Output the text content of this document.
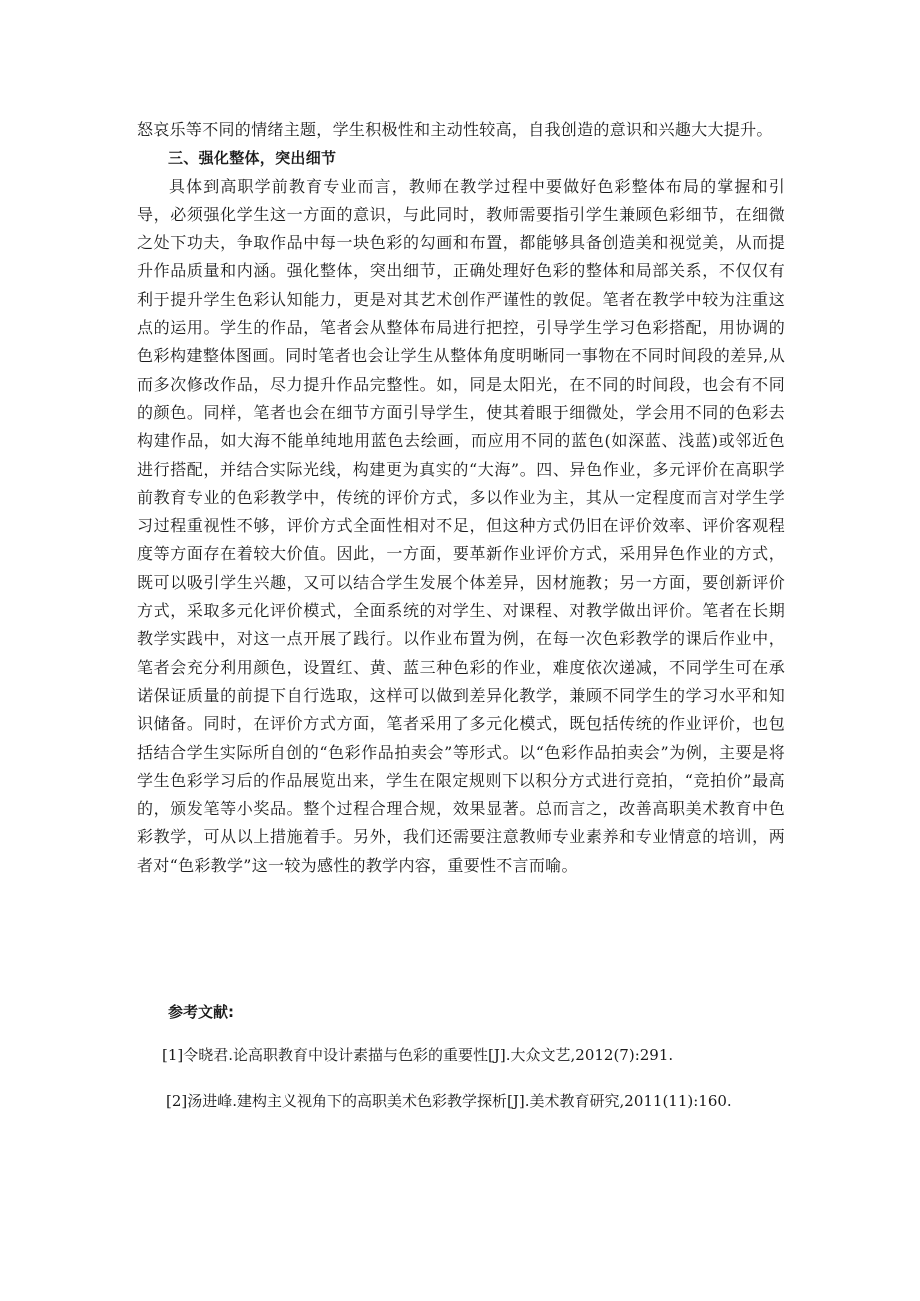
怒哀乐等不同的情绪主题，学生积极性和主动性较高，自我创造的意识和兴趣大大提升。

三、强化整体，突出细节

具体到高职学前教育专业而言，教师在教学过程中要做好色彩整体布局的掌握和引导，必须强化学生这一方面的意识，与此同时，教师需要指引学生兼顾色彩细节，在细微之处下功夫，争取作品中每一块色彩的勾画和布置，都能够具备创造美和视觉美，从而提升作品质量和内涵。强化整体，突出细节，正确处理好色彩的整体和局部关系，不仅仅有利于提升学生色彩认知能力，更是对其艺术创作严谨性的敦促。笔者在教学中较为注重这点的运用。学生的作品，笔者会从整体布局进行把控，引导学生学习色彩搭配，用协调的色彩构建整体图画。同时笔者也会让学生从整体角度明晰同一事物在不同时间段的差异,从而多次修改作品，尽力提升作品完整性。如，同是太阳光，在不同的时间段，也会有不同的颜色。同样，笔者也会在细节方面引导学生，使其着眼于细微处，学会用不同的色彩去构建作品，如大海不能单纯地用蓝色去绘画，而应用不同的蓝色(如深蓝、浅蓝)或邻近色进行搭配，并结合实际光线，构建更为真实的“大海”。四、异色作业，多元评价在高职学前教育专业的色彩教学中，传统的评价方式，多以作业为主，其从一定程度而言对学生学习过程重视性不够，评价方式全面性相对不足，但这种方式仍旧在评价效率、评价客观程度等方面存在着较大价值。因此，一方面，要革新作业评价方式，采用异色作业的方式，既可以吸引学生兴趣，又可以结合学生发展个体差异，因材施教；另一方面，要创新评价方式，采取多元化评价模式，全面系统的对学生、对课程、对教学做出评价。笔者在长期教学实践中，对这一点开展了践行。以作业布置为例，在每一次色彩教学的课后作业中，笔者会充分利用颜色，设置红、黄、蓝三种色彩的作业，难度依次递减，不同学生可在承诺保证质量的前提下自行选取，这样可以做到差异化教学，兼顾不同学生的学习水平和知识储备。同时，在评价方式方面，笔者采用了多元化模式，既包括传统的作业评价，也包括结合学生实际所自创的“色彩作品拍卖会”等形式。以“色彩作品拍卖会”为例，主要是将学生色彩学习后的作品展览出来，学生在限定规则下以积分方式进行竞拍，“竞拍价”最高的，颁发笔等小奖品。整个过程合理合规，效果显著。总而言之，改善高职美术教育中色彩教学，可从以上措施着手。另外，我们还需要注意教师专业素养和专业情意的培训，两者对“色彩教学”这一较为感性的教学内容，重要性不言而喻。

参考文献:

[1]令晓君.论高职教育中设计素描与色彩的重要性[J].大众文艺,2012(7):291.

[2]汤进峰.建构主义视角下的高职美术色彩教学探析[J].美术教育研究,2011(11):160.
